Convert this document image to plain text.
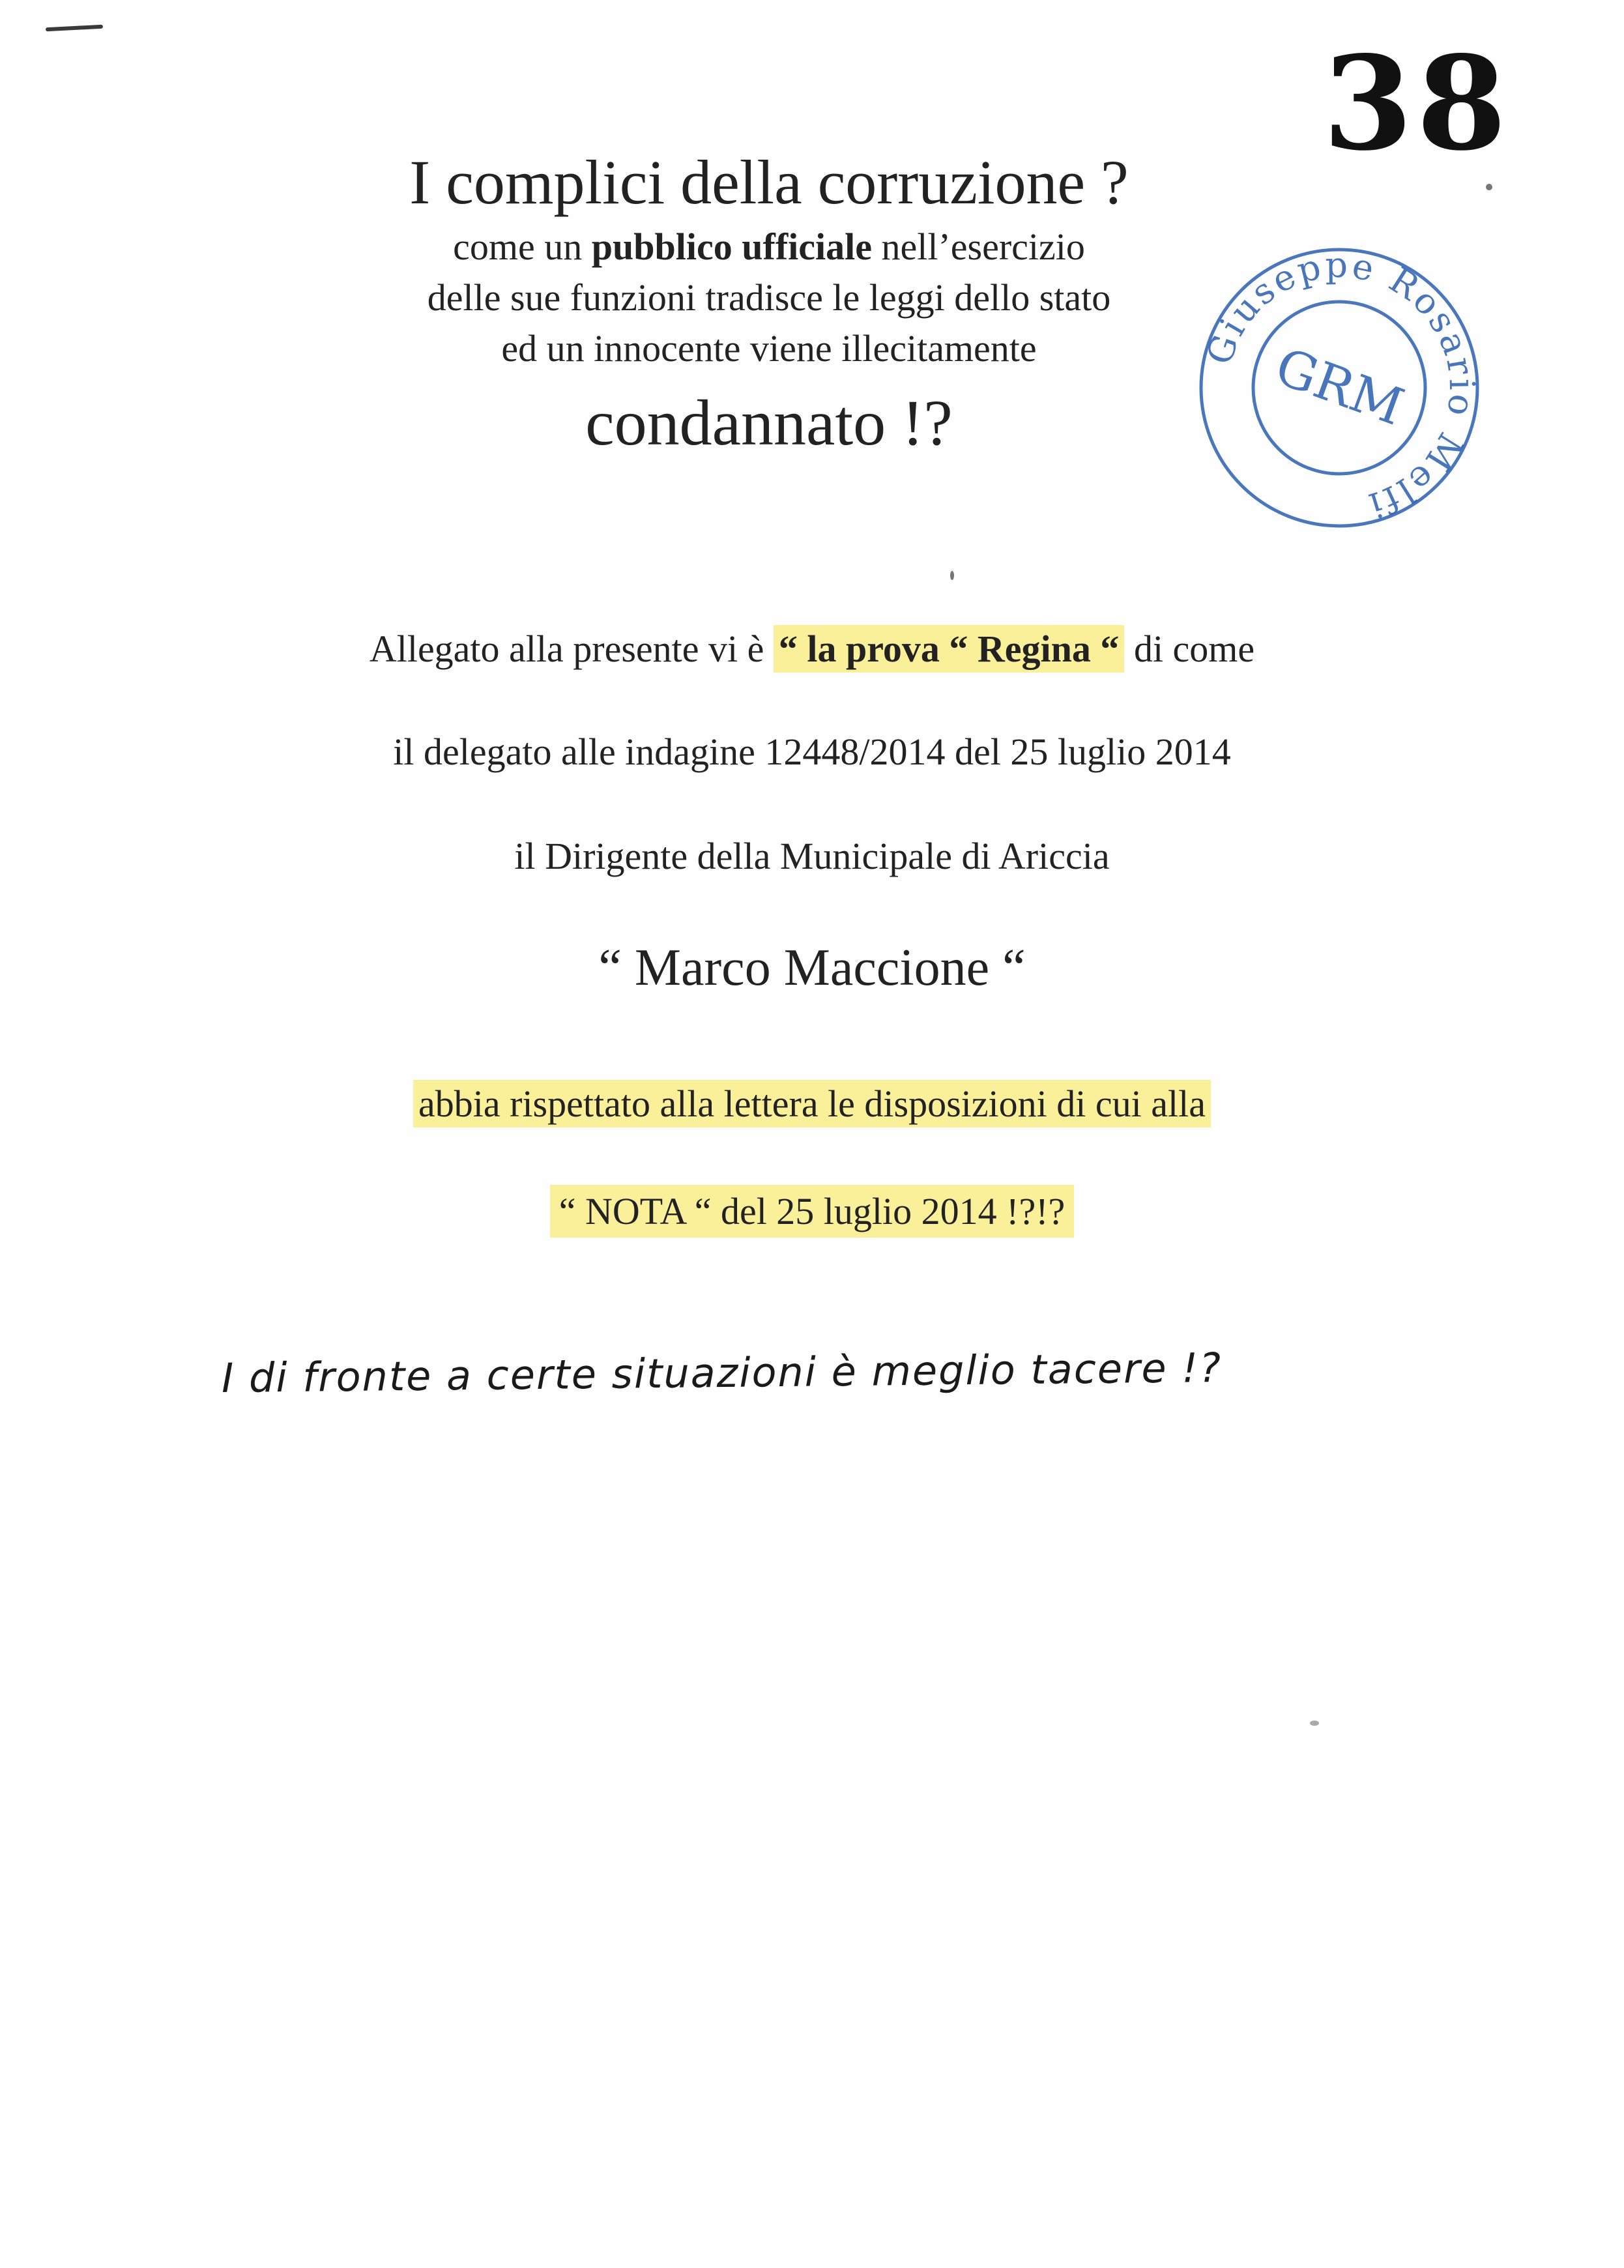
38

I complici della corruzione ?

come un pubblico ufficiale nell’esercizio

delle sue funzioni tradisce le leggi dello stato

ed un innocente viene illecitamente

condannato !?

Giuseppe Rosario Melfi
GRM
Allegato alla presente vi è “ la prova “ Regina “ di come
il delegato alle indagine 12448/2014 del 25 luglio 2014
il Dirigente della Municipale di Ariccia
“ Marco Maccione “
abbia rispettato alla lettera le disposizioni di cui alla
“ NOTA “ del 25 luglio 2014 !?!?
I di fronte a certe situazioni è meglio tacere !?
